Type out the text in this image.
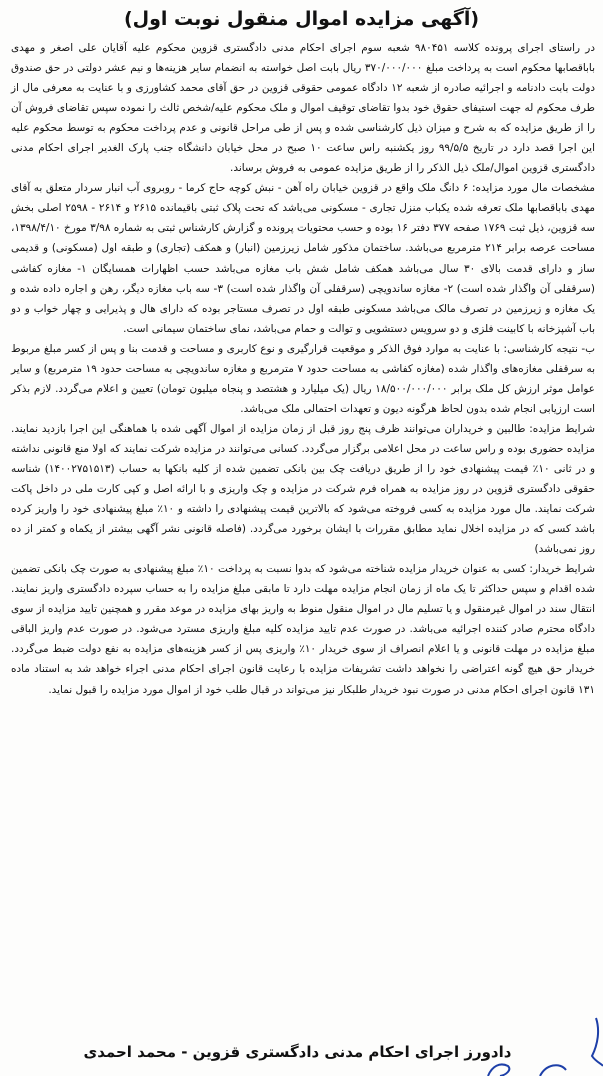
(آگهی مزایده اموال منقول نوبت اول)

در راستای اجرای پرونده کلاسه ۹۸۰۴۵۱ شعبه سوم اجرای احکام مدنی دادگستری قزوین محکوم علیه آقایان علی اصغر و مهدی باباقصابها محکوم است به پرداخت مبلغ ۳۷۰/۰۰۰/۰۰۰ ریال بابت اصل خواسته به انضمام سایر هزینه‌ها و نیم عشر دولتی در حق صندوق دولت بابت دادنامه و اجرائیه صادره از شعبه ۱۲ دادگاه عمومی حقوقی قزوین در حق آقای محمد کشاورزی و با عنایت به معرفی مال از طرف محکوم له جهت استیفای حقوق خود بدوا تقاضای توقیف اموال و ملک محکوم علیه/شخص ثالث را نموده سپس تقاضای فروش آن را از طریق مزایده که به شرح و میزان ذیل کارشناسی شده و پس از طی مراحل قانونی و عدم پرداخت محکوم به توسط محکوم علیه این اجرا قصد دارد در تاریخ ۹۹/۵/۵ روز یکشنبه راس ساعت ۱۰ صبح در محل خیابان دانشگاه جنب پارک الغدیر اجرای احکام مدنی دادگستری قزوین اموال/ملک ذیل الذکر را از طریق مزایده عمومی به فروش برساند.

مشخصات مال مورد مزایده: ۶ دانگ ملک واقع در قزوین خیابان راه آهن - نبش کوچه حاج کرما - روبروی آب انبار سردار متعلق به آقای مهدی باباقصابها ملک تعرفه شده یکباب منزل تجاری - مسکونی می‌باشد که تحت پلاک ثبتی باقیمانده ۲۶۱۵ و ۲۶۱۴ - ۲۵۹۸ اصلی بخش سه قزوین، ذیل ثبت ۱۷۶۹ صفحه ۳۷۷ دفتر ۱۶ بوده و حسب محتویات پرونده و گزارش کارشناس ثبتی به شماره ۳/۹۸ مورخ ۱۳۹۸/۴/۱۰، مساحت عرصه برابر ۲۱۴ مترمربع می‌باشد. ساختمان مذکور شامل زیرزمین (انبار) و همکف (تجاری) و طبقه اول (مسکونی) و قدیمی ساز و دارای قدمت بالای ۳۰ سال می‌باشد همکف شامل شش باب مغازه می‌باشد حسب اظهارات همسایگان ۱- مغازه کفاشی (سرقفلی آن واگذار شده است) ۲- مغازه ساندویچی (سرقفلی آن واگذار شده است) ۳- سه باب مغازه دیگر، رهن و اجاره داده شده و یک مغازه و زیرزمین در تصرف مالک می‌باشد مسکونی طبقه اول در تصرف مستاجر بوده که دارای هال و پذیرایی و چهار خواب و دو باب آشپزخانه با کابینت فلزی و دو سرویس دستشویی و توالت و حمام می‌باشد، نمای ساختمان سیمانی است.

ب- نتیجه کارشناسی: با عنایت به موارد فوق الذکر و موقعیت قرارگیری و نوع کاربری و مساحت و قدمت بنا و پس از کسر مبلغ مربوط به سرقفلی مغازه‌های واگذار شده (مغازه کفاشی به مساحت حدود ۷ مترمربع و مغازه ساندویچی به مساحت حدود ۱۹ مترمربع) و سایر عوامل موثر ارزش کل ملک برابر ۱۸/۵۰۰/۰۰۰/۰۰۰ ریال (یک میلیارد و هشتصد و پنجاه میلیون تومان) تعیین و اعلام می‌گردد. لازم بذکر است ارزیابی انجام شده بدون لحاظ هرگونه دیون و تعهدات احتمالی ملک می‌باشد.

شرایط مزایده: طالبین و خریداران می‌توانند ظرف پنج روز قبل از زمان مزایده از اموال آگهی شده با هماهنگی این اجرا بازدید نمایند. مزایده حضوری بوده و راس ساعت در محل اعلامی برگزار می‌گردد. کسانی می‌توانند در مزایده شرکت نمایند که اولا منع قانونی نداشته و در ثانی ۱۰٪ قیمت پیشنهادی خود را از طریق دریافت چک بین بانکی تضمین شده از کلیه بانکها به حساب (۱۴۰۰۲۷۵۱۵۱۳) شناسه حقوقی دادگستری قزوین در روز مزایده به همراه فرم شرکت در مزایده و چک واریزی و با ارائه اصل و کپی کارت ملی در داخل پاکت شرکت نمایند. مال مورد مزایده به کسی فروخته می‌شود که بالاترین قیمت پیشنهادی را داشته و ۱۰٪ مبلغ پیشنهادی خود را واریز کرده باشد کسی که در مزایده اخلال نماید مطابق مقررات با ایشان برخورد می‌گردد. (فاصله قانونی نشر آگهی بیشتر از یکماه و کمتر از ده روز نمی‌باشد)

شرایط خریدار: کسی به عنوان خریدار مزایده شناخته می‌شود که بدوا نسبت به پرداخت ۱۰٪ مبلغ پیشنهادی به صورت چک بانکی تضمین شده اقدام و سپس حداکثر تا یک ماه از زمان انجام مزایده مهلت دارد تا مابقی مبلغ مزایده را به حساب سپرده دادگستری واریز نمایند. انتقال سند در اموال غیرمنقول و یا تسلیم مال در اموال منقول منوط به واریز بهای مزایده در موعد مقرر و همچنین تایید مزایده از سوی دادگاه محترم صادر کننده اجرائیه می‌باشد. در صورت عدم تایید مزایده کلیه مبلغ واریزی مسترد می‌شود. در صورت عدم واریز الباقی مبلغ مزایده در مهلت قانونی و یا اعلام انصراف از سوی خریدار ۱۰٪ واریزی پس از کسر هزینه‌های مزایده به نفع دولت ضبط می‌گردد. خریدار حق هیچ گونه اعتراضی را نخواهد داشت تشریفات مزایده با رعایت قانون اجرای احکام مدنی اجراء خواهد شد به استناد ماده ۱۳۱ قانون اجرای احکام مدنی در صورت نبود خریدار طلبکار نیز می‌تواند در قبال طلب خود از اموال مورد مزایده را قبول نماید.

دادورز اجرای احکام مدنی دادگستری قزوین - محمد احمدی
